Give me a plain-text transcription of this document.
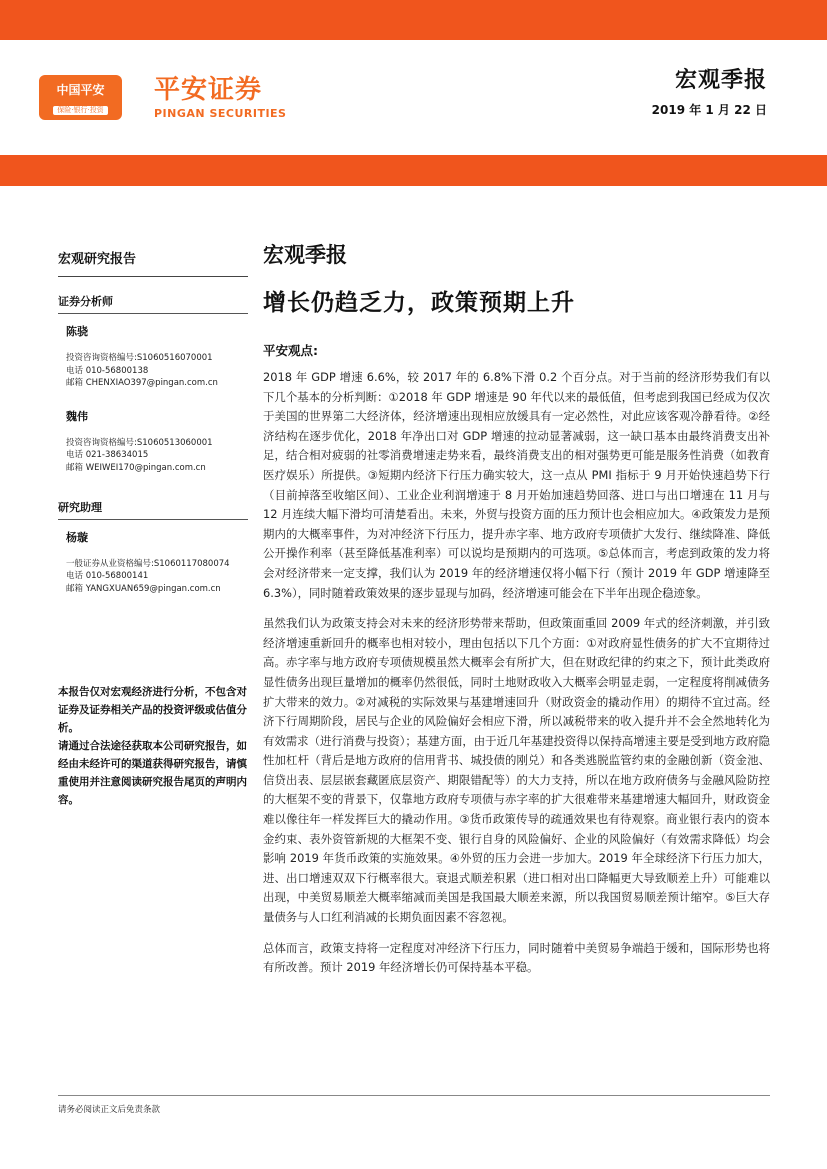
中国平安
保险·银行·投资
平安证券
PINGAN SECURITIES
宏观季报
2019 年 1 月 22 日
宏观研究报告
证券分析师
陈骁
投资咨询资格编号:S1060516070001
电话 010-56800138
邮箱 CHENXIAO397@pingan.com.cn
魏伟
投资咨询资格编号:S1060513060001
电话 021-38634015
邮箱 WEIWEI170@pingan.com.cn
研究助理
杨璇
一般证券从业资格编号:S1060117080074
电话 010-56800141
邮箱 YANGXUAN659@pingan.com.cn

本报告仅对宏观经济进行分析，不包含对证券及证券相关产品的投资评级或估值分析。

请通过合法途径获取本公司研究报告，如经由未经许可的渠道获得研究报告，请慎重使用并注意阅读研究报告尾页的声明内容。

宏观季报
增长仍趋乏力，政策预期上升
平安观点:

2018 年 GDP 增速 6.6%，较 2017 年的 6.8%下滑 0.2 个百分点。对于当前的经济形势我们有以下几个基本的分析判断：①2018 年 GDP 增速是 90 年代以来的最低值，但考虑到我国已经成为仅次于美国的世界第二大经济体，经济增速出现相应放缓具有一定必然性，对此应该客观冷静看待。②经济结构在逐步优化，2018 年净出口对 GDP 增速的拉动显著减弱，这一缺口基本由最终消费支出补足，结合相对疲弱的社零消费增速走势来看，最终消费支出的相对强势更可能是服务性消费（如教育医疗娱乐）所提供。③短期内经济下行压力确实较大，这一点从 PMI 指标于 9 月开始快速趋势下行（目前掉落至收缩区间）、工业企业利润增速于 8 月开始加速趋势回落、进口与出口增速在 11 月与 12 月连续大幅下滑均可清楚看出。未来，外贸与投资方面的压力预计也会相应加大。④政策发力是预期内的大概率事件，为对冲经济下行压力，提升赤字率、地方政府专项债扩大发行、继续降准、降低公开操作利率（甚至降低基准利率）可以说均是预期内的可选项。⑤总体而言，考虑到政策的发力将会对经济带来一定支撑，我们认为 2019 年的经济增速仅将小幅下行（预计 2019 年 GDP 增速降至 6.3%），同时随着政策效果的逐步显现与加码，经济增速可能会在下半年出现企稳迹象。

虽然我们认为政策支持会对未来的经济形势带来帮助，但政策面重回 2009 年式的经济刺激，并引致经济增速重新回升的概率也相对较小，理由包括以下几个方面：①对政府显性债务的扩大不宜期待过高。赤字率与地方政府专项债规模虽然大概率会有所扩大，但在财政纪律的约束之下，预计此类政府显性债务出现巨量增加的概率仍然很低，同时土地财政收入大概率会明显走弱，一定程度将削减债务扩大带来的效力。②对减税的实际效果与基建增速回升（财政资金的撬动作用）的期待不宜过高。经济下行周期阶段，居民与企业的风险偏好会相应下滑，所以减税带来的收入提升并不会全然地转化为有效需求（进行消费与投资）；基建方面，由于近几年基建投资得以保持高增速主要是受到地方政府隐性加杠杆（背后是地方政府的信用背书、城投债的刚兑）和各类逃脱监管约束的金融创新（资金池、信贷出表、层层嵌套藏匿底层资产、期限错配等）的大力支持，所以在地方政府债务与金融风险防控的大框架不变的背景下，仅靠地方政府专项债与赤字率的扩大很难带来基建增速大幅回升，财政资金难以像往年一样发挥巨大的撬动作用。③货币政策传导的疏通效果也有待观察。商业银行表内的资本金约束、表外资管新规的大框架不变、银行自身的风险偏好、企业的风险偏好（有效需求降低）均会影响 2019 年货币政策的实施效果。④外贸的压力会进一步加大。2019 年全球经济下行压力加大，进、出口增速双双下行概率很大。衰退式顺差积累（进口相对出口降幅更大导致顺差上升）可能难以出现，中美贸易顺差大概率缩减而美国是我国最大顺差来源，所以我国贸易顺差预计缩窄。⑤巨大存量债务与人口红利消减的长期负面因素不容忽视。

总体而言，政策支持将一定程度对冲经济下行压力，同时随着中美贸易争端趋于缓和，国际形势也将有所改善。预计 2019 年经济增长仍可保持基本平稳。

请务必阅读正文后免责条款
